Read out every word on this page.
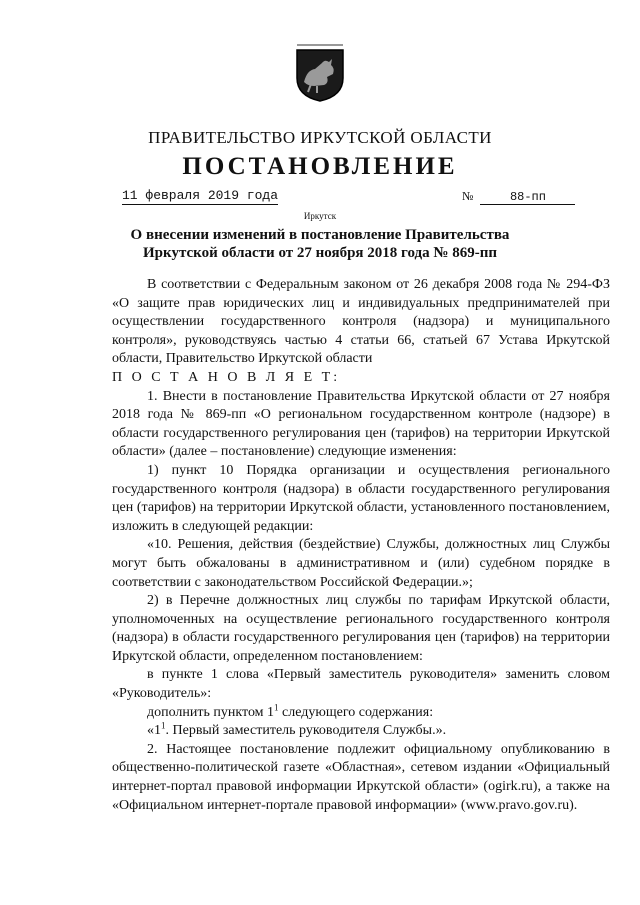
ПРАВИТЕЛЬСТВО ИРКУТСКОЙ ОБЛАСТИ
ПОСТАНОВЛЕНИЕ
11 февраля 2019 года	№	88-пп
Иркутск
О внесении изменений в постановление Правительства Иркутской области от 27 ноября 2018 года № 869-пп

В соответствии с Федеральным законом от 26 декабря 2008 года № 294-ФЗ «О защите прав юридических лиц и индивидуальных предпринимателей при осуществлении государственного контроля (надзора) и муниципального контроля», руководствуясь частью 4 статьи 66, статьей 67 Устава Иркутской области, Правительство Иркутской области

П О С Т А Н О В Л Я Е Т:

1. Внести в постановление Правительства Иркутской области от 27 ноября 2018 года № 869-пп «О региональном государственном контроле (надзоре) в области государственного регулирования цен (тарифов) на территории Иркутской области» (далее – постановление) следующие изменения:

1) пункт 10 Порядка организации и осуществления регионального государственного контроля (надзора) в области государственного регулирования цен (тарифов) на территории Иркутской области, установленного постановлением, изложить в следующей редакции:

«10. Решения, действия (бездействие) Службы, должностных лиц Службы могут быть обжалованы в административном и (или) судебном порядке в соответствии с законодательством Российской Федерации.»;

2) в Перечне должностных лиц службы по тарифам Иркутской области, уполномоченных на осуществление регионального государственного контроля (надзора) в области государственного регулирования цен (тарифов) на территории Иркутской области, определенном постановлением:

в пункте 1 слова «Первый заместитель руководителя» заменить словом «Руководитель»:

дополнить пунктом $1^1$ следующего содержания:

«$1^1$. Первый заместитель руководителя Службы.».

2. Настоящее постановление подлежит официальному опубликованию в общественно-политической газете «Областная», сетевом издании «Официальный интернет-портал правовой информации Иркутской области» (ogirk.ru), а также на «Официальном интернет-портале правовой информации» (www.pravo.gov.ru).
